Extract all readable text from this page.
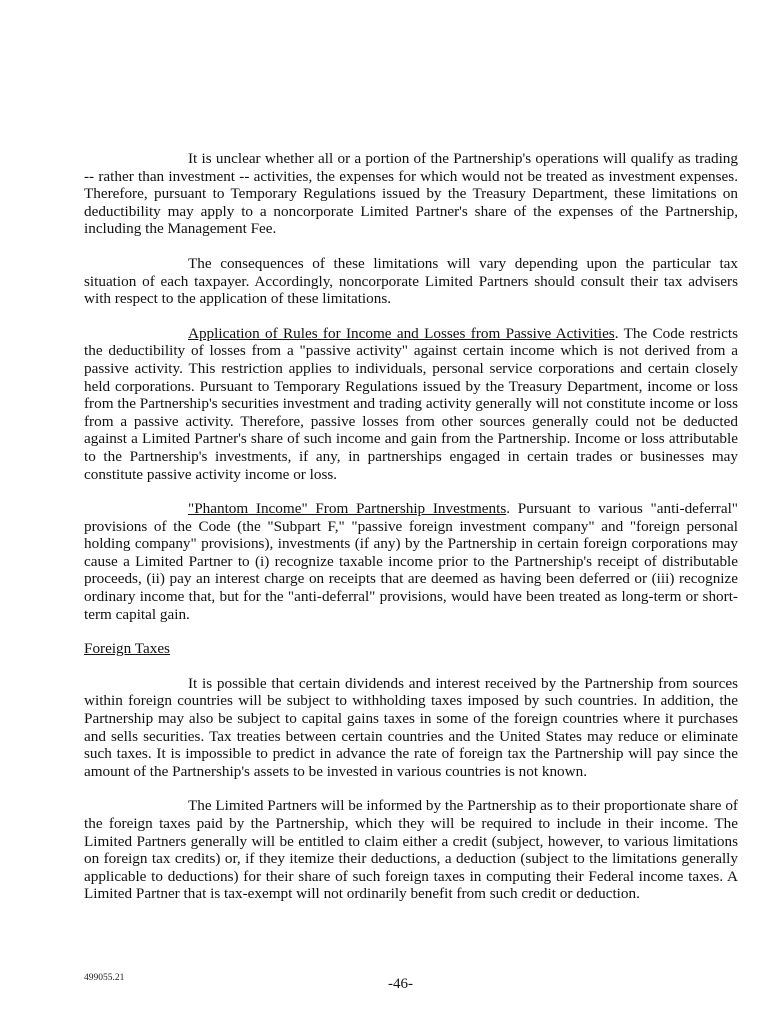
It is unclear whether all or a portion of the Partnership's operations will qualify as trading -- rather than investment -- activities, the expenses for which would not be treated as investment expenses. Therefore, pursuant to Temporary Regulations issued by the Treasury Department, these limitations on deductibility may apply to a noncorporate Limited Partner's share of the expenses of the Partnership, including the Management Fee.

The consequences of these limitations will vary depending upon the particular tax situation of each taxpayer. Accordingly, noncorporate Limited Partners should consult their tax advisers with respect to the application of these limitations.

Application of Rules for Income and Losses from Passive Activities. The Code restricts the deductibility of losses from a "passive activity" against certain income which is not derived from a passive activity. This restriction applies to individuals, personal service corporations and certain closely held corporations. Pursuant to Temporary Regulations issued by the Treasury Department, income or loss from the Partnership's securities investment and trading activity generally will not constitute income or loss from a passive activity. Therefore, passive losses from other sources generally could not be deducted against a Limited Partner's share of such income and gain from the Partnership. Income or loss attributable to the Partnership's investments, if any, in partnerships engaged in certain trades or businesses may constitute passive activity income or loss.

"Phantom Income" From Partnership Investments. Pursuant to various "anti-deferral" provisions of the Code (the "Subpart F," "passive foreign investment company" and "foreign personal holding company" provisions), investments (if any) by the Partnership in certain foreign corporations may cause a Limited Partner to (i) recognize taxable income prior to the Partnership's receipt of distributable proceeds, (ii) pay an interest charge on receipts that are deemed as having been deferred or (iii) recognize ordinary income that, but for the "anti-deferral" provisions, would have been treated as long-term or short-term capital gain.

Foreign Taxes

It is possible that certain dividends and interest received by the Partnership from sources within foreign countries will be subject to withholding taxes imposed by such countries. In addition, the Partnership may also be subject to capital gains taxes in some of the foreign countries where it purchases and sells securities. Tax treaties between certain countries and the United States may reduce or eliminate such taxes. It is impossible to predict in advance the rate of foreign tax the Partnership will pay since the amount of the Partnership's assets to be invested in various countries is not known.

The Limited Partners will be informed by the Partnership as to their proportionate share of the foreign taxes paid by the Partnership, which they will be required to include in their income. The Limited Partners generally will be entitled to claim either a credit (subject, however, to various limitations on foreign tax credits) or, if they itemize their deductions, a deduction (subject to the limitations generally applicable to deductions) for their share of such foreign taxes in computing their Federal income taxes. A Limited Partner that is tax-exempt will not ordinarily benefit from such credit or deduction.

499055.21	-46-
